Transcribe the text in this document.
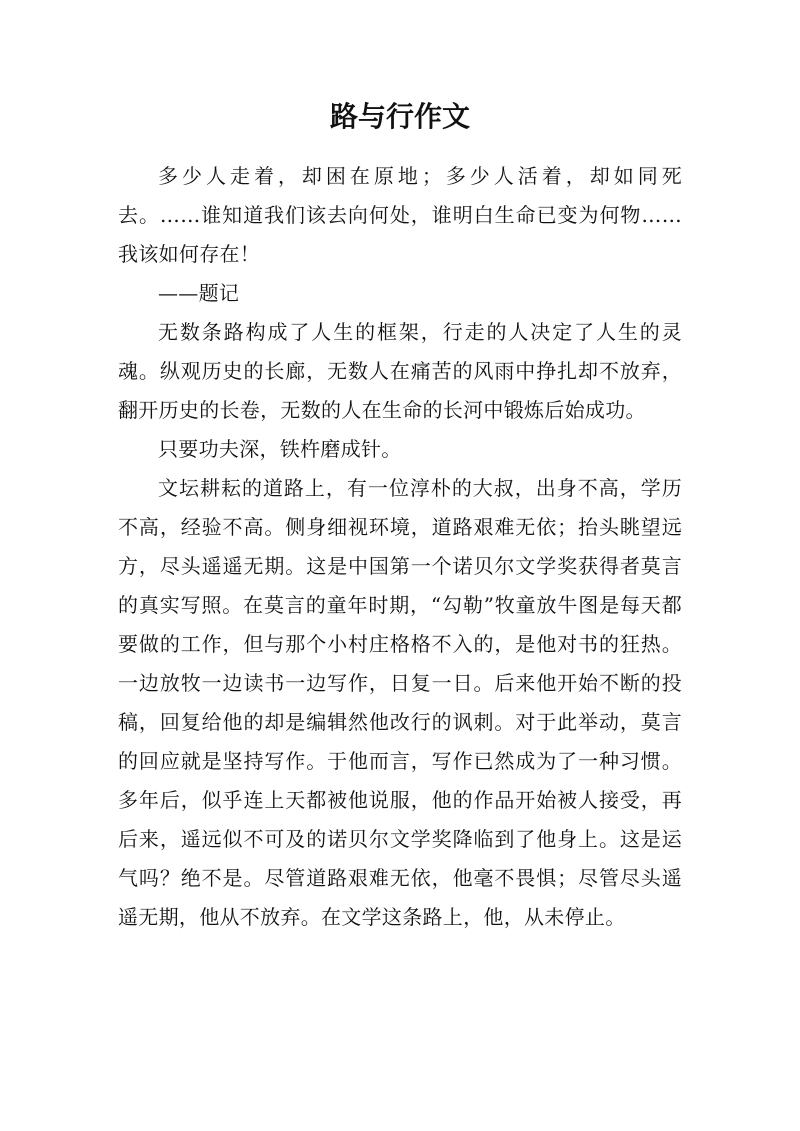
路与行作文

多少人走着，却困在原地；多少人活着，却如同死去。……谁知道我们该去向何处，谁明白生命已变为何物……我该如何存在！

——题记

无数条路构成了人生的框架，行走的人决定了人生的灵魂。纵观历史的长廊，无数人在痛苦的风雨中挣扎却不放弃，翻开历史的长卷，无数的人在生命的长河中锻炼后始成功。

只要功夫深，铁杵磨成针。

文坛耕耘的道路上，有一位淳朴的大叔，出身不高，学历不高，经验不高。侧身细视环境，道路艰难无依；抬头眺望远方，尽头遥遥无期。这是中国第一个诺贝尔文学奖获得者莫言的真实写照。在莫言的童年时期，“勾勒”牧童放牛图是每天都要做的工作，但与那个小村庄格格不入的，是他对书的狂热。一边放牧一边读书一边写作，日复一日。后来他开始不断的投稿，回复给他的却是编辑然他改行的讽刺。对于此举动，莫言的回应就是坚持写作。于他而言，写作已然成为了一种习惯。多年后，似乎连上天都被他说服，他的作品开始被人接受，再后来，遥远似不可及的诺贝尔文学奖降临到了他身上。这是运气吗？绝不是。尽管道路艰难无依，他毫不畏惧；尽管尽头遥遥无期，他从不放弃。在文学这条路上，他，从未停止。
